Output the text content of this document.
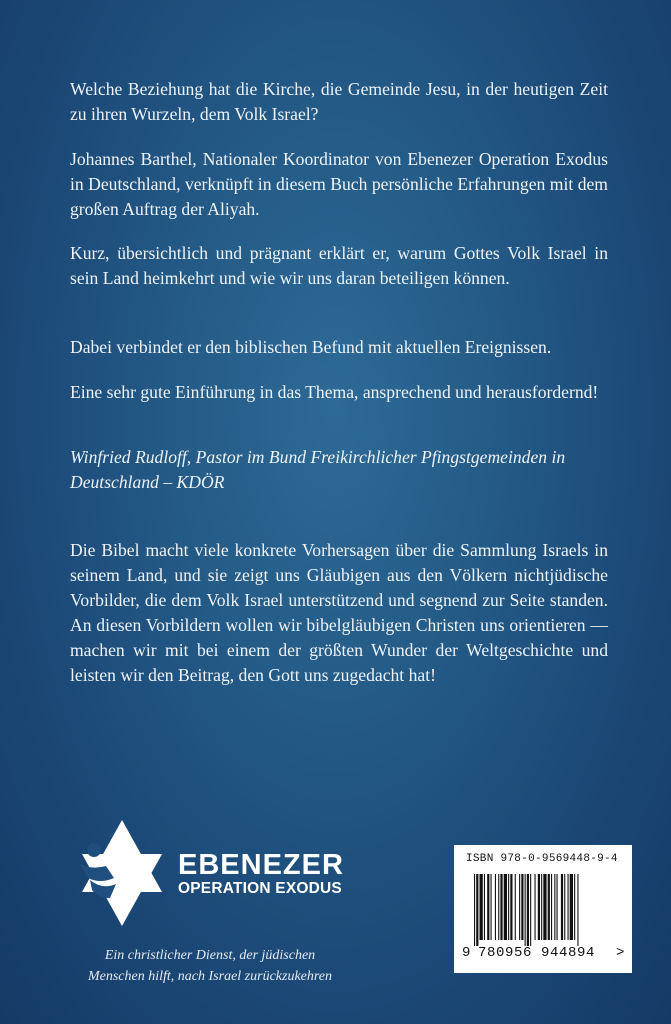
Welche Beziehung hat die Kirche, die Gemeinde Jesu, in der heutigen Zeit zu ihren Wurzeln, dem Volk Israel?

Johannes Barthel, Nationaler Koordinator von Ebenezer Operation Exodus in Deutschland, verknüpft in diesem Buch persönliche Erfahrungen mit dem großen Auftrag der Aliyah.

Kurz, übersichtlich und prägnant erklärt er, warum Gottes Volk Israel in sein Land heimkehrt und wie wir uns daran beteiligen können.

Dabei verbindet er den biblischen Befund mit aktuellen Ereignissen.

Eine sehr gute Einführung in das Thema, ansprechend und herausfordernd!

Winfried Rudloff, Pastor im Bund Freikirchlicher Pfingstgemeinden in Deutschland – KDÖR

Die Bibel macht viele konkrete Vorhersagen über die Sammlung Israels in seinem Land, und sie zeigt uns Gläubigen aus den Völkern nichtjüdische Vorbilder, die dem Volk Israel unterstützend und segnend zur Seite standen. An diesen Vorbildern wollen wir bibelgläubigen Christen uns orientieren — machen wir mit bei einem der größten Wunder der Weltgeschichte und leisten wir den Beitrag, den Gott uns zugedacht hat!

EBENEZER
OPERATION EXODUS
Ein christlicher Dienst, der jüdischen
Menschen hilft, nach Israel zurückzukehren
ISBN 978-0-9569448-9-4
9 780956 944894 >
